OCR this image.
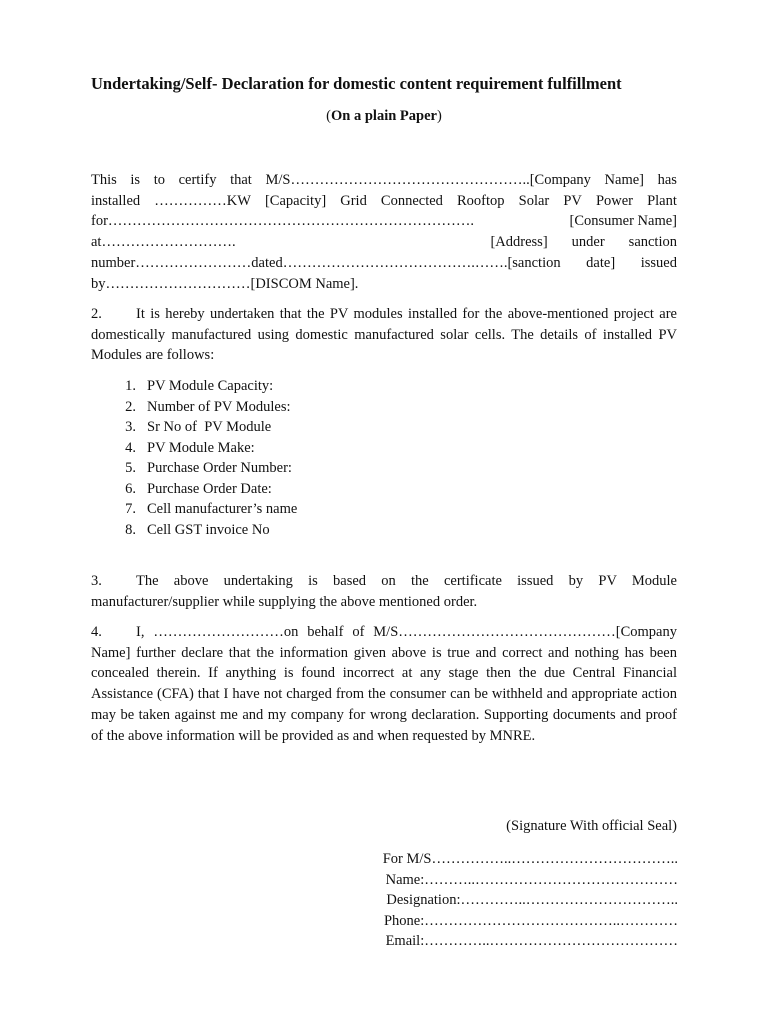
Undertaking/Self- Declaration for domestic content requirement fulfillment
(On a plain Paper)
This is to certify that M/S…………………………………………..[Company Name] has
installed ……………KW [Capacity] Grid Connected Rooftop Solar PV Power Plant
for………………………………………………………………….	[Consumer Name]
at ……………………….	[Address] under sanction
number……………………dated………………………………….…….[sanction date] issued
by…………………………[DISCOM Name].
2. It is hereby undertaken that the PV modules installed for the above-mentioned project are domestically manufactured using domestic manufactured solar cells. The details of installed PV Modules are follows:
1. PV Module Capacity:
2. Number of PV Modules:
3. Sr No of  PV Module
4. PV Module Make:
5. Purchase Order Number:
6. Purchase Order Date:
7. Cell manufacturer’s name
8. Cell GST invoice No
3. The above undertaking is based on the certificate issued by PV Module manufacturer/supplier while supplying the above mentioned order.
4. I, ………………………on behalf of M/S………………………………………[Company Name] further declare that the information given above is true and correct and nothing has been concealed therein. If anything is found incorrect at any stage then the due Central Financial Assistance (CFA) that I have not charged from the consumer can be withheld and appropriate action may be taken against me and my company for wrong declaration. Supporting documents and proof of the above information will be provided as and when requested by MNRE.
(Signature With official Seal)
For M/S……………..……………………………..
Name:………..……………………………………
Designation:…………..…………………………..
Phone:…………………………………..…………
Email:…………..…………………………………
